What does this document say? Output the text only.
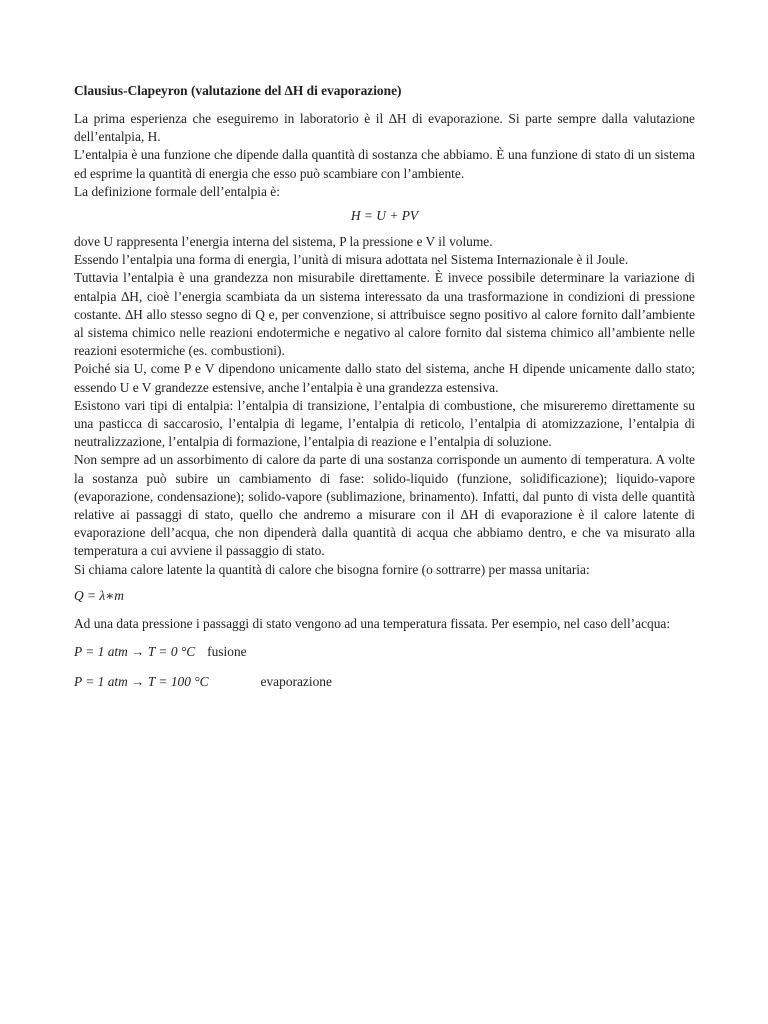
Clausius-Clapeyron (valutazione del ∆H di evaporazione)

La prima esperienza che eseguiremo in laboratorio è il ∆H di evaporazione. Si parte sempre dalla valutazione dell’entalpia, H.

L’entalpia è una funzione che dipende dalla quantità di sostanza che abbiamo. È una funzione di stato di un sistema ed esprime la quantità di energia che esso può scambiare con l’ambiente.

La definizione formale dell’entalpia è:

H = U + PV

dove U rappresenta l’energia interna del sistema, P la pressione e V il volume.

Essendo l’entalpia una forma di energia, l’unità di misura adottata nel Sistema Internazionale è il Joule.

Tuttavia l’entalpia è una grandezza non misurabile direttamente. È invece possibile determinare la variazione di entalpia ∆H, cioè l’energia scambiata da un sistema interessato da una trasformazione in condizioni di pressione costante. ∆H allo stesso segno di Q e, per convenzione, si attribuisce segno positivo al calore fornito dall’ambiente al sistema chimico nelle reazioni endotermiche e negativo al calore fornito dal sistema chimico all’ambiente nelle reazioni esotermiche (es. combustioni).

Poiché sia U, come P e V dipendono unicamente dallo stato del sistema, anche H dipende unicamente dallo stato; essendo U e V grandezze estensive, anche l’entalpia è una grandezza estensiva.

Esistono vari tipi di entalpia: l’entalpia di transizione, l’entalpia di combustione, che misureremo direttamente su una pasticca di saccarosio, l’entalpia di legame, l’entalpia di reticolo, l’entalpia di atomizzazione, l’entalpia di neutralizzazione, l’entalpia di formazione, l’entalpia di reazione e l’entalpia di soluzione.

Non sempre ad un assorbimento di calore da parte di una sostanza corrisponde un aumento di temperatura. A volte la sostanza può subire un cambiamento di fase: solido-liquido (funzione, solidificazione); liquido-vapore (evaporazione, condensazione); solido-vapore (sublimazione, brinamento). Infatti, dal punto di vista delle quantità relative ai passaggi di stato, quello che andremo a misurare con il ∆H di evaporazione è il calore latente di evaporazione dell’acqua, che non dipenderà dalla quantità di acqua che abbiamo dentro, e che va misurato alla temperatura a cui avviene il passaggio di stato.

Si chiama calore latente la quantità di calore che bisogna fornire (o sottrarre) per massa unitaria:

Q = λ∗m

Ad una data pressione i passaggi di stato vengono ad una temperatura fissata. Per esempio, nel caso dell’acqua:

P = 1 atm → T = 0 °C fusione
P = 1 atm → T = 100 °C	evaporazione
